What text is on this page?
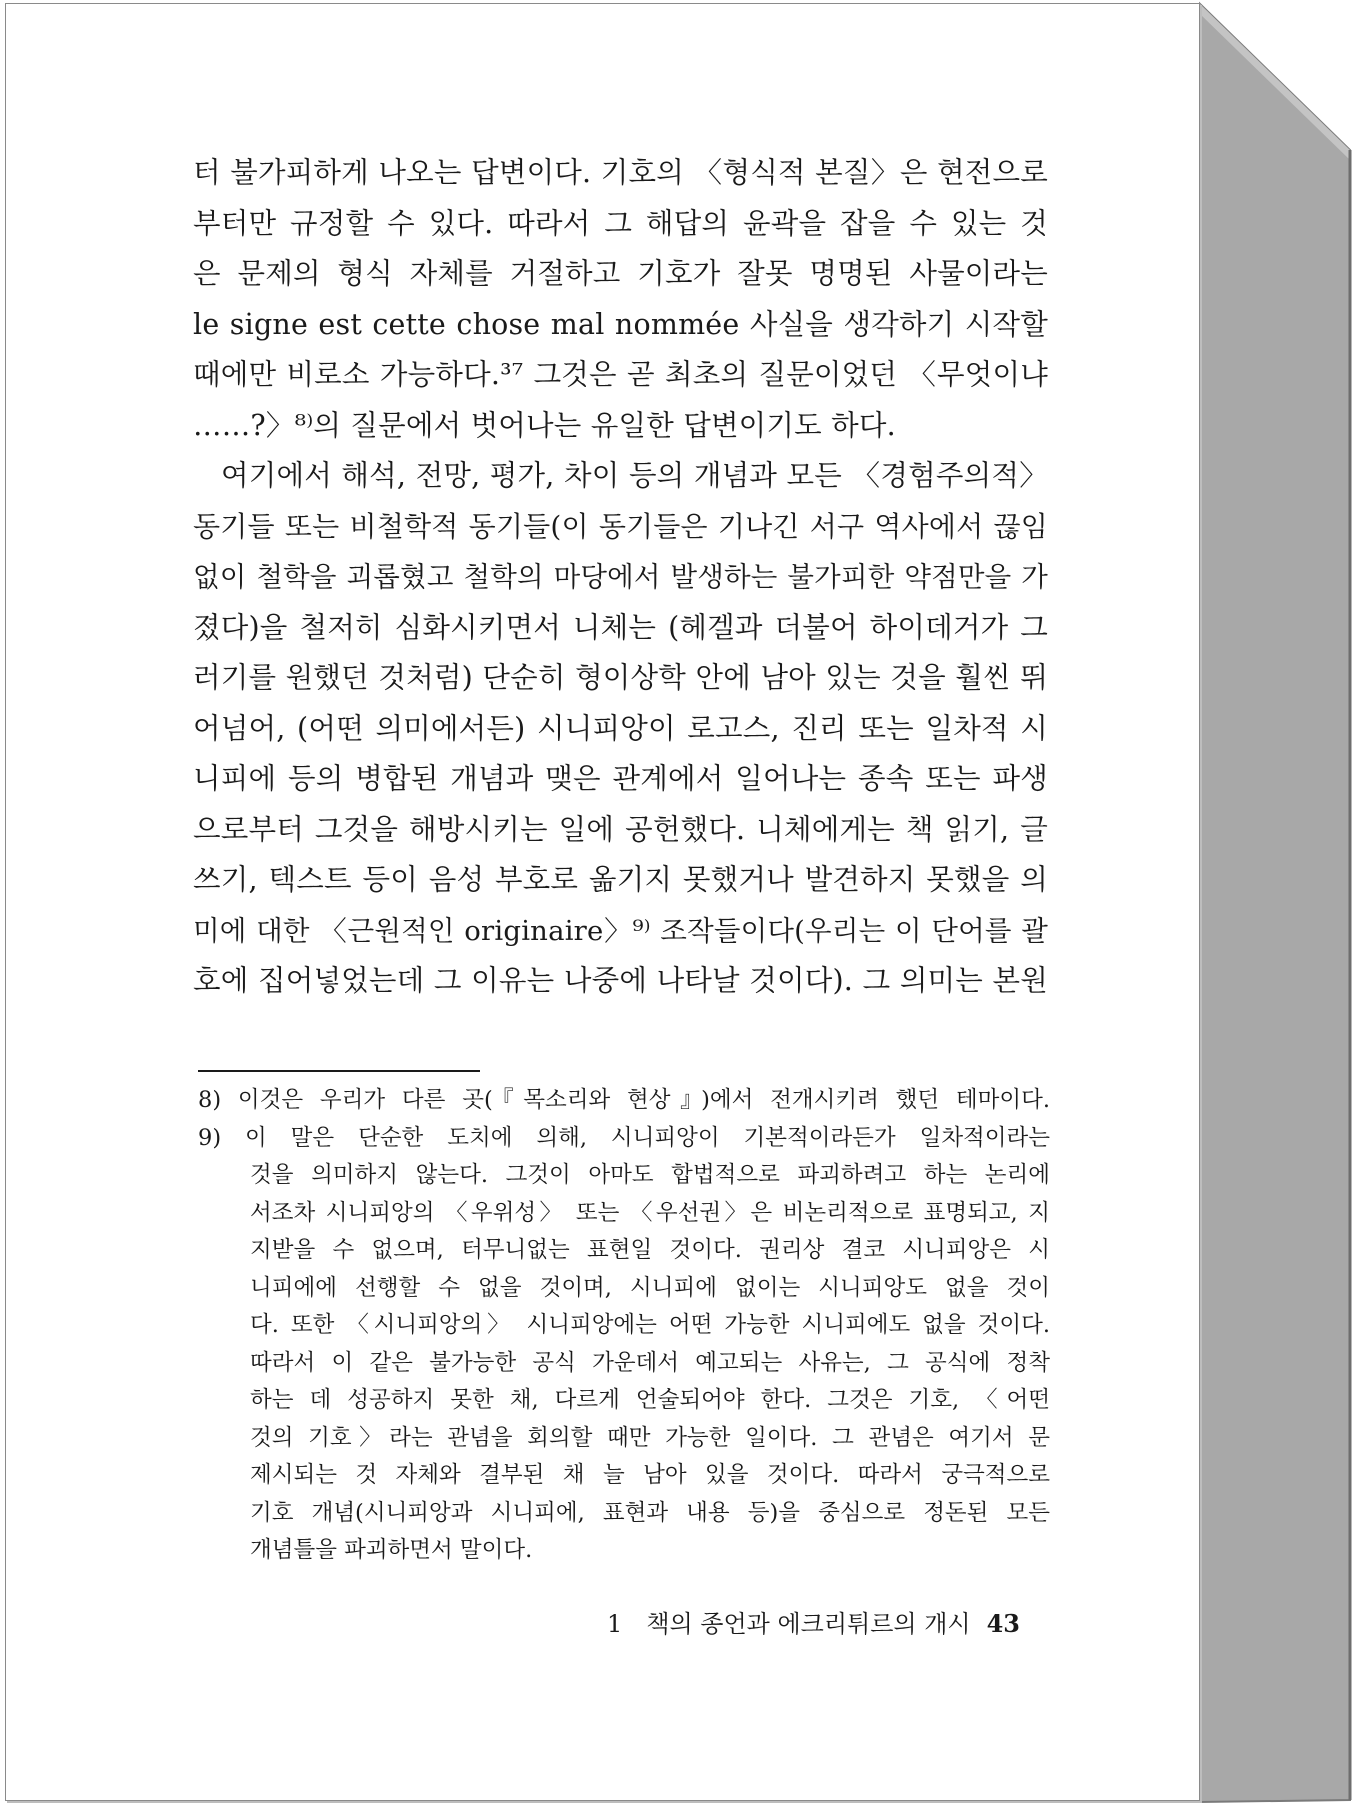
터 불가피하게 나오는 답변이다. 기호의 〈형식적 본질〉은 현전으로
부터만 규정할 수 있다. 따라서 그 해답의 윤곽을 잡을 수 있는 것
은 문제의 형식 자체를 거절하고 기호가 잘못 명명된 사물이라는
le signe est cette chose mal nommée 사실을 생각하기 시작할
때에만 비로소 가능하다.³⁷ 그것은 곧 최초의 질문이었던 〈무엇이냐
……?〉⁸⁾의 질문에서 벗어나는 유일한 답변이기도 하다.
여기에서 해석, 전망, 평가, 차이 등의 개념과 모든 〈경험주의적〉
동기들 또는 비철학적 동기들(이 동기들은 기나긴 서구 역사에서 끊임
없이 철학을 괴롭혔고 철학의 마당에서 발생하는 불가피한 약점만을 가
졌다)을 철저히 심화시키면서 니체는 (헤겔과 더불어 하이데거가 그
러기를 원했던 것처럼) 단순히 형이상학 안에 남아 있는 것을 훨씬 뛰
어넘어, (어떤 의미에서든) 시니피앙이 로고스, 진리 또는 일차적 시
니피에 등의 병합된 개념과 맺은 관계에서 일어나는 종속 또는 파생
으로부터 그것을 해방시키는 일에 공헌했다. 니체에게는 책 읽기, 글
쓰기, 텍스트 등이 음성 부호로 옮기지 못했거나 발견하지 못했을 의
미에 대한 〈근원적인 originaire〉⁹⁾ 조작들이다(우리는 이 단어를 괄
호에 집어넣었는데 그 이유는 나중에 나타날 것이다). 그 의미는 본원
8) 이것은 우리가 다른 곳(『목소리와 현상』)에서 전개시키려 했던 테마이다.
9) 이 말은 단순한 도치에 의해, 시니피앙이 기본적이라든가 일차적이라는
것을 의미하지 않는다. 그것이 아마도 합법적으로 파괴하려고 하는 논리에
서조차 시니피앙의 〈우위성〉 또는 〈우선권〉은 비논리적으로 표명되고, 지
지받을 수 없으며, 터무니없는 표현일 것이다. 권리상 결코 시니피앙은 시
니피에에 선행할 수 없을 것이며, 시니피에 없이는 시니피앙도 없을 것이
다. 또한 〈시니피앙의〉 시니피앙에는 어떤 가능한 시니피에도 없을 것이다.
따라서 이 같은 불가능한 공식 가운데서 예고되는 사유는, 그 공식에 정착
하는 데 성공하지 못한 채, 다르게 언술되어야 한다. 그것은 기호, 〈어떤
것의 기호〉라는 관념을 회의할 때만 가능한 일이다. 그 관념은 여기서 문
제시되는 것 자체와 결부된 채 늘 남아 있을 것이다. 따라서 궁극적으로
기호 개념(시니피앙과 시니피에, 표현과 내용 등)을 중심으로 정돈된 모든
개념틀을 파괴하면서 말이다.
1 책의 종언과 에크리튀르의 개시 43
